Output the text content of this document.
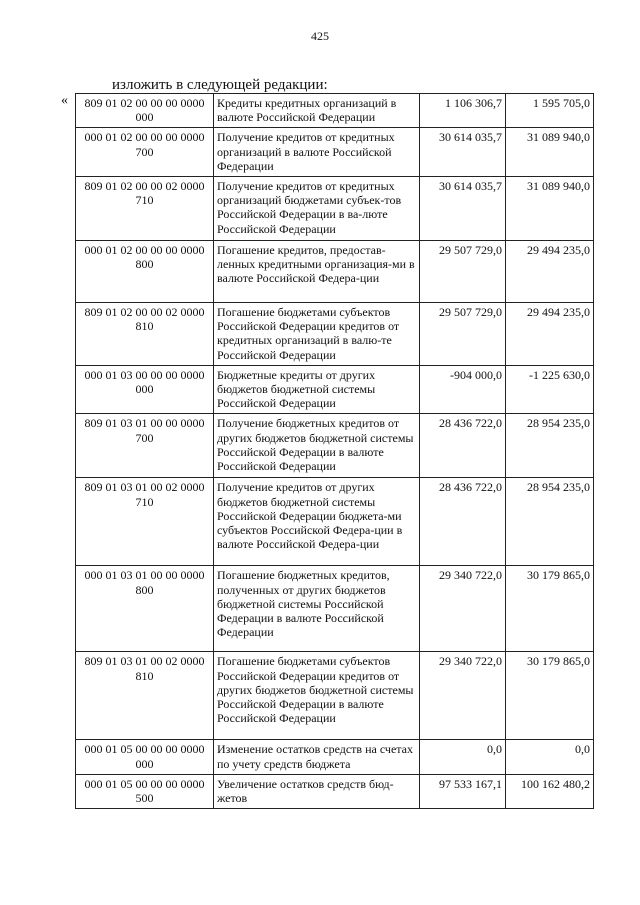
425
изложить в следующей редакции:
« 809 01 02 00 00 00 0000 000	Кредиты кредитных организаций в валюте Российской Федерации	1 106 306,7	1 595 705,0
000 01 02 00 00 00 0000 700	Получение кредитов от кредитных организаций в валюте Российской Федерации	30 614 035,7	31 089 940,0
809 01 02 00 00 02 0000 710	Получение кредитов от кредитных организаций бюджетами субъек-тов Российской Федерации в ва-люте Российской Федерации	30 614 035,7	31 089 940,0
000 01 02 00 00 00 0000 800	Погашение кредитов, предостав-ленных кредитными организация-ми в валюте Российской Федера-ции	29 507 729,0	29 494 235,0
809 01 02 00 00 02 0000 810	Погашение бюджетами субъектов Российской Федерации кредитов от кредитных организаций в валю-те Российской Федерации	29 507 729,0	29 494 235,0
000 01 03 00 00 00 0000 000	Бюджетные кредиты от других бюджетов бюджетной системы Российской Федерации	-904 000,0	-1 225 630,0
809 01 03 01 00 00 0000 700	Получение бюджетных кредитов от других бюджетов бюджетной системы Российской Федерации в валюте Российской Федерации	28 436 722,0	28 954 235,0
809 01 03 01 00 02 0000 710	Получение кредитов от других бюджетов бюджетной системы Российской Федерации бюджета-ми субъектов Российской Федера-ции в валюте Российской Федера-ции	28 436 722,0	28 954 235,0
000 01 03 01 00 00 0000 800	Погашение бюджетных кредитов, полученных от других бюджетов бюджетной системы Российской Федерации в валюте Российской Федерации	29 340 722,0	30 179 865,0
809 01 03 01 00 02 0000 810	Погашение бюджетами субъектов Российской Федерации кредитов от других бюджетов бюджетной системы Российской Федерации в валюте Российской Федерации	29 340 722,0	30 179 865,0
000 01 05 00 00 00 0000 000	Изменение остатков средств на счетах по учету средств бюджета	0,0	0,0
000 01 05 00 00 00 0000 500	Увеличение остатков средств бюд-жетов	97 533 167,1	100 162 480,2
